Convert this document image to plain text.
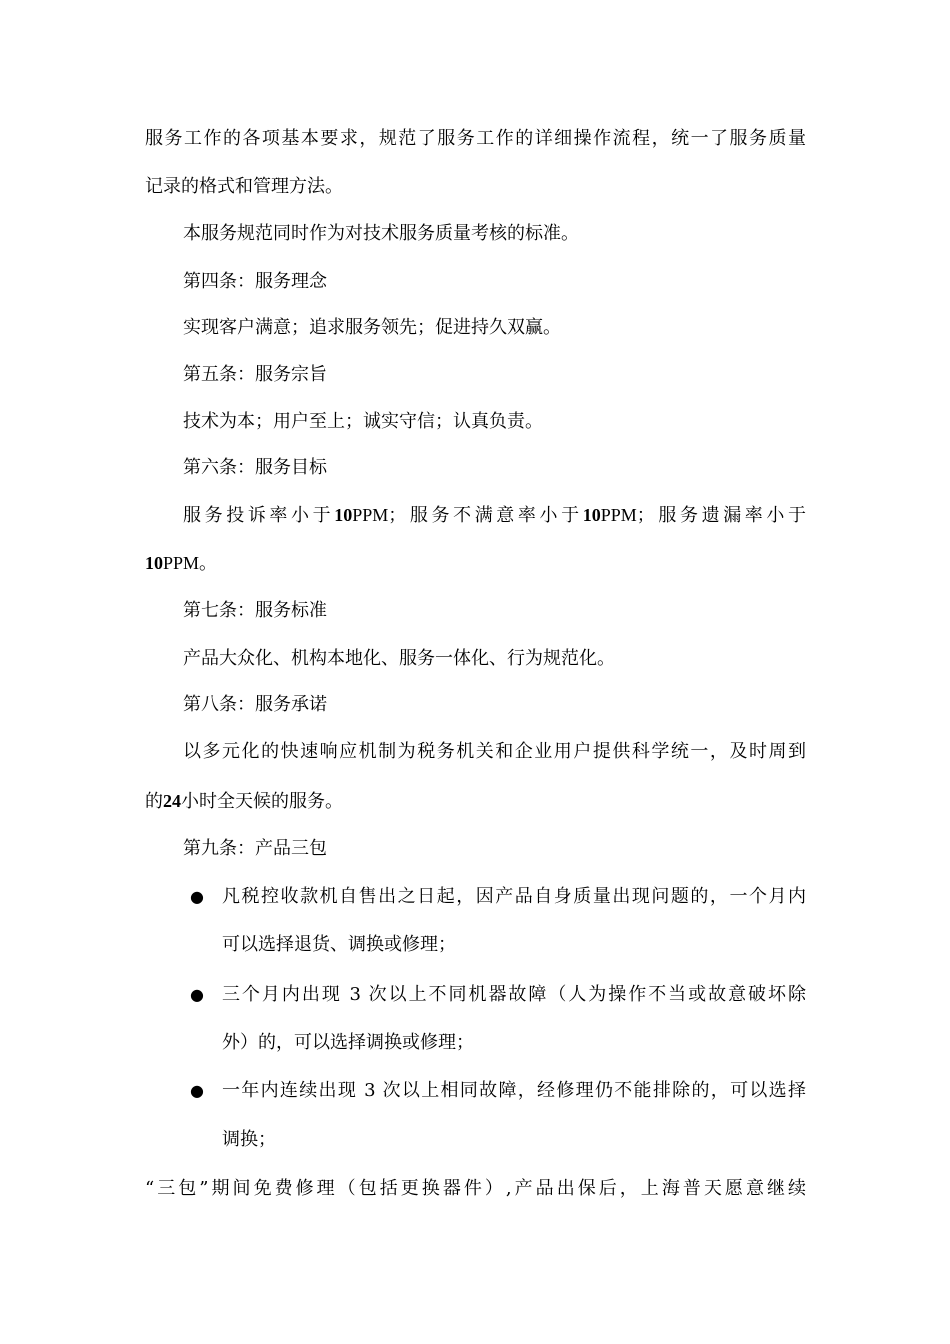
服务工作的各项基本要求，规范了服务工作的详细操作流程，统一了服务质量
记录的格式和管理方法。
本服务规范同时作为对技术服务质量考核的标准。
第四条：服务理念
实现客户满意；追求服务领先；促进持久双赢。
第五条：服务宗旨
技术为本；用户至上；诚实守信；认真负责。
第六条：服务目标
服务投诉率小于10PPM；服务不满意率小于10PPM；服务遗漏率小于
10PPM。
第七条：服务标准
产品大众化、机构本地化、服务一体化、行为规范化。
第八条：服务承诺
以多元化的快速响应机制为税务机关和企业用户提供科学统一，及时周到
的24小时全天候的服务。
第九条：产品三包
● 凡税控收款机自售出之日起，因产品自身质量出现问题的，一个月内
可以选择退货、调换或修理；
● 三个月内出现 3 次以上不同机器故障（人为操作不当或故意破坏除
外）的，可以选择调换或修理；
● 一年内连续出现 3 次以上相同故障，经修理仍不能排除的，可以选择
调换；
“三包”期间免费修理（包括更换器件）,产品出保后，上海普天愿意继续
